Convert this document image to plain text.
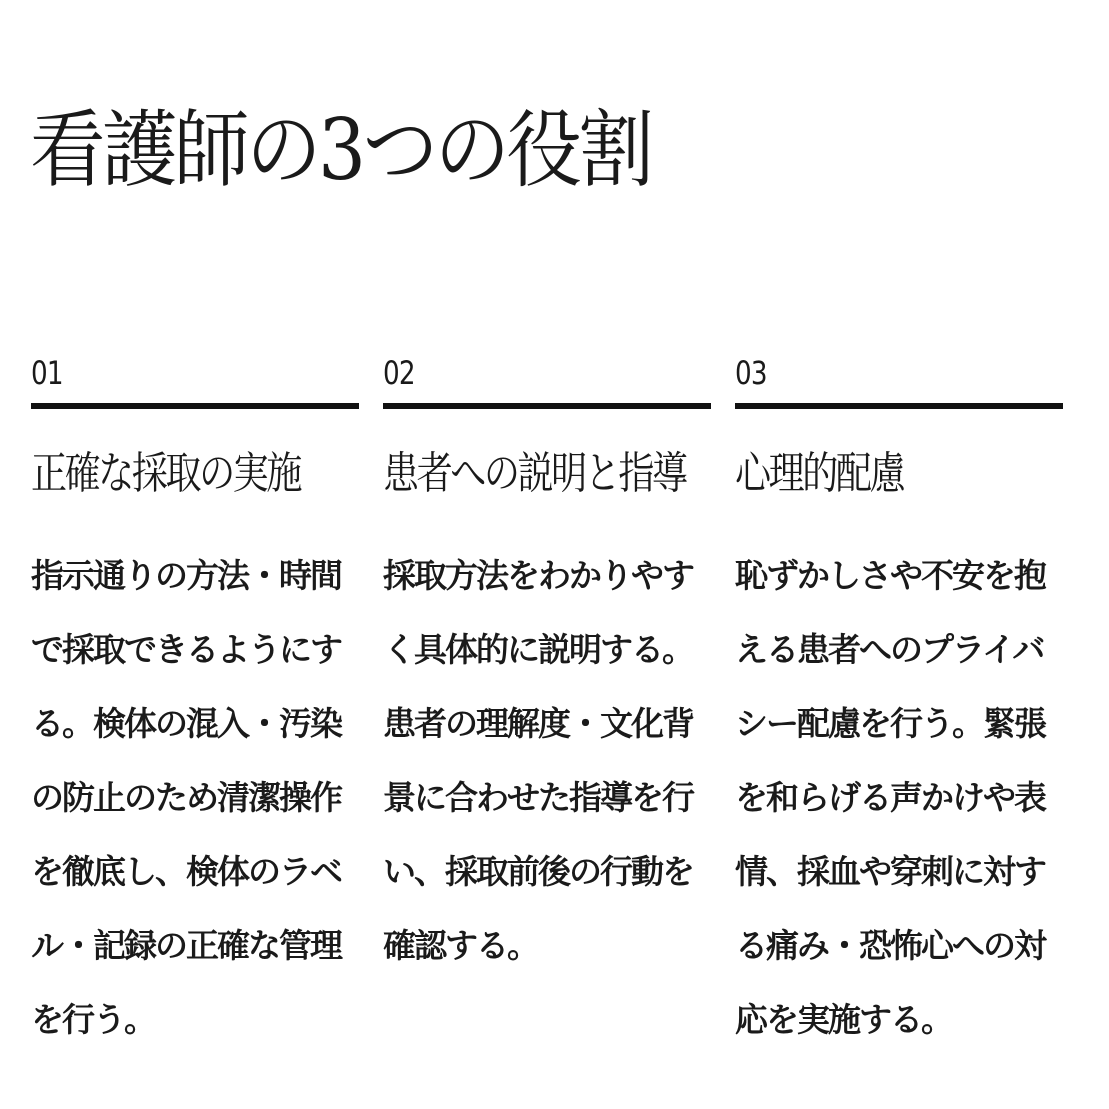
看護師の3つの役割
01
正確な採取の実施

指示通りの方法・時間で採取できるようにする。検体の混入・汚染の防止のため清潔操作を徹底し、検体のラベル・記録の正確な管理を行う。

02
患者への説明と指導

採取方法をわかりやすく具体的に説明する。患者の理解度・文化背景に合わせた指導を行い、採取前後の行動を確認する。

03
心理的配慮

恥ずかしさや不安を抱える患者へのプライバシー配慮を行う。緊張を和らげる声かけや表情、採血や穿刺に対する痛み・恐怖心への対応を実施する。
